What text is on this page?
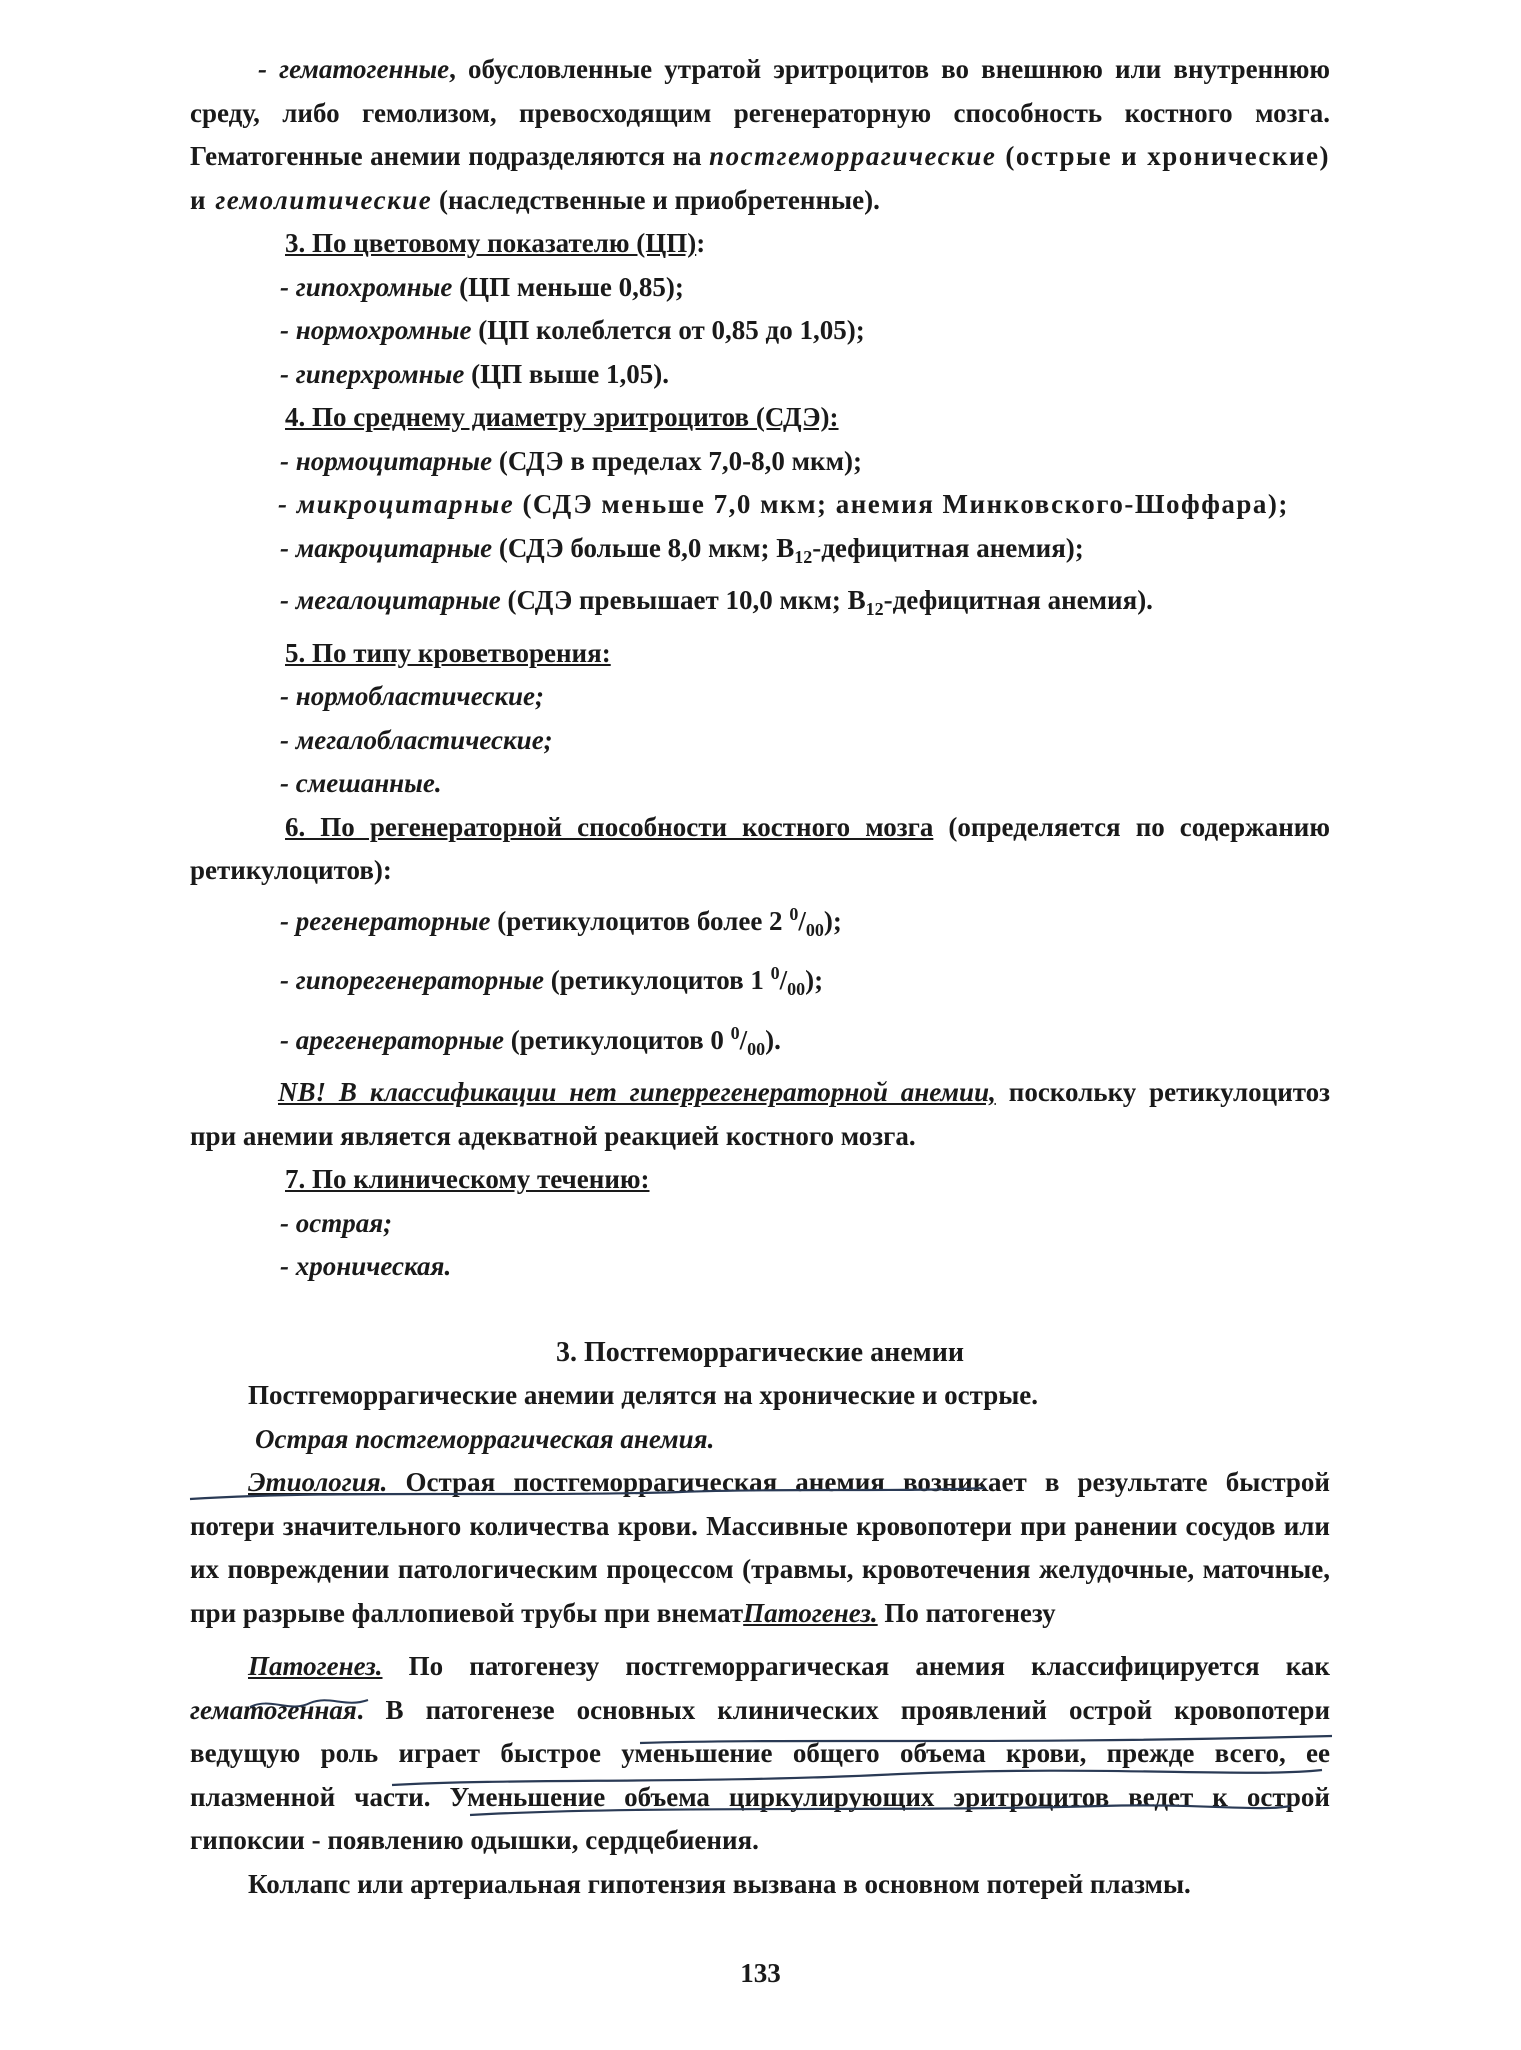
- гематогенные, обусловленные утратой эритроцитов во внешнюю или внутреннюю среду, либо гемолизом, превосходящим регенераторную способность костного мозга. Гематогенные анемии подразделяются на постгеморрагические (острые и хронические) и гемолитические (наследственные и приобретенные).

3. По цветовому показателю (ЦП):

- гипохромные (ЦП меньше 0,85);

- нормохромные (ЦП колеблется от 0,85 до 1,05);

- гиперхромные (ЦП выше 1,05).

4. По среднему диаметру эритроцитов (СДЭ):

- нормоцитарные (СДЭ в пределах 7,0-8,0 мкм);

- микроцитарные (СДЭ меньше 7,0 мкм; анемия Минковского-Шоффара);

- макроцитарные (СДЭ больше 8,0 мкм; $B_{12}$-дефицитная анемия);

- мегалоцитарные (СДЭ превышает 10,0 мкм; $B_{12}$-дефицитная анемия).

5. По типу кроветворения:

- нормобластические;

- мегалобластические;

- смешанные.

6. По регенераторной способности костного мозга (определяется по содержанию ретикулоцитов):

- регенераторные (ретикулоцитов более 2 $^0/_{00}$);

- гипорегенераторные (ретикулоцитов 1 $^0/_{00}$);

- арегенераторные (ретикулоцитов 0 $^0/_{00}$).

NB! В классификации нет гиперрегенераторной анемии, поскольку ретикулоцитоз при анемии является адекватной реакцией костного мозга.

7. По клиническому течению:

- острая;

- хроническая.

3. Постгеморрагические анемии

Постгеморрагические анемии делятся на хронические и острые.

Острая постгеморрагическая анемия.

Этиология. Острая постгеморрагическая анемия возникает в результате быстрой потери значительного количества крови. Массивные кровопотери при ранении сосудов или их повреждении патологическим процессом (травмы, кровотечения желудочные, маточные, при разрыве фаллопиевой трубы при внематПатогенез. По патогенезу

Патогенез. По патогенезу постгеморрагическая анемия классифицируется как гематогенная. В патогенезе основных клинических проявлений острой кровопотери ведущую роль играет быстрое уменьшение общего объема крови, прежде всего, ее плазменной части. Уменьшение объема циркулирующих эритроцитов ведет к острой гипоксии - появлению одышки, сердцебиения.

Коллапс или артериальная гипотензия вызвана в основном потерей плазмы.

133
